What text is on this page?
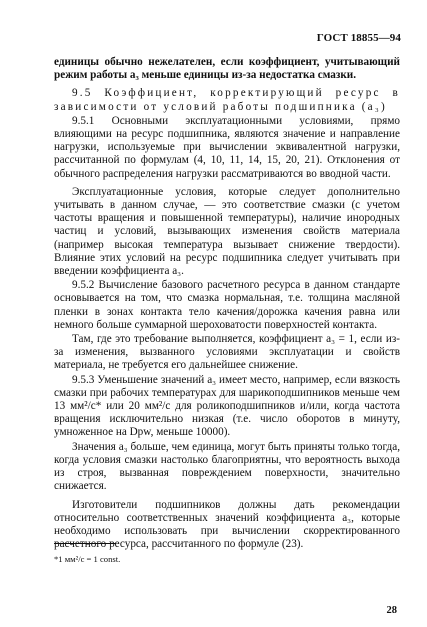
ГОСТ 18855—94

единицы обычно нежелателен, если коэффициент, учитывающий режим работы a₃ меньше единицы из-за недостатка смазки.

9.5 Коэффициент, корректирующий ресурс в зависимости от условий работы подшипника (a₃)

9.5.1 Основными эксплуатационными условиями, прямо влияющими на ресурс подшипника, являются значение и направление нагрузки, используемые при вычислении эквивалентной нагрузки, рассчитанной по формулам (4, 10, 11, 14, 15, 20, 21). Отклонения от обычного распределения нагрузки рассматриваются во вводной части.

Эксплуатационные условия, которые следует дополнительно учитывать в данном случае, — это соответствие смазки (с учетом частоты вращения и повышенной температуры), наличие инородных частиц и условий, вызывающих изменения свойств материала (например высокая температура вызывает снижение твердости). Влияние этих условий на ресурс подшипника следует учитывать при введении коэффициента a₃.

9.5.2 Вычисление базового расчетного ресурса в данном стандарте основывается на том, что смазка нормальная, т.е. толщина масляной пленки в зонах контакта тело качения/дорожка качения равна или немного больше суммарной шероховатости поверхностей контакта.

Там, где это требование выполняется, коэффициент a₃ = 1, если из-за изменения, вызванного условиями эксплуатации и свойств материала, не требуется его дальнейшее снижение.

9.5.3 Уменьшение значений a₃ имеет место, например, если вязкость смазки при рабочих температурах для шарикоподшипников меньше чем 13 мм²/с* или 20 мм²/с для роликоподшипников и/или, когда частота вращения исключительно низкая (т.е. число оборотов в минуту, умноженное на Dpw, меньше 10000).

Значения a₃ больше, чем единица, могут быть приняты только тогда, когда условия смазки настолько благоприятны, что вероятность выхода из строя, вызванная повреждением поверхности, значительно снижается.

Изготовители подшипников должны дать рекомендации относительно соответственных значений коэффициента a₃, которые необходимо использовать при вычислении скорректированного расчетного ресурса, рассчитанного по формуле (23).

*1 мм²/с = 1 const.
28
